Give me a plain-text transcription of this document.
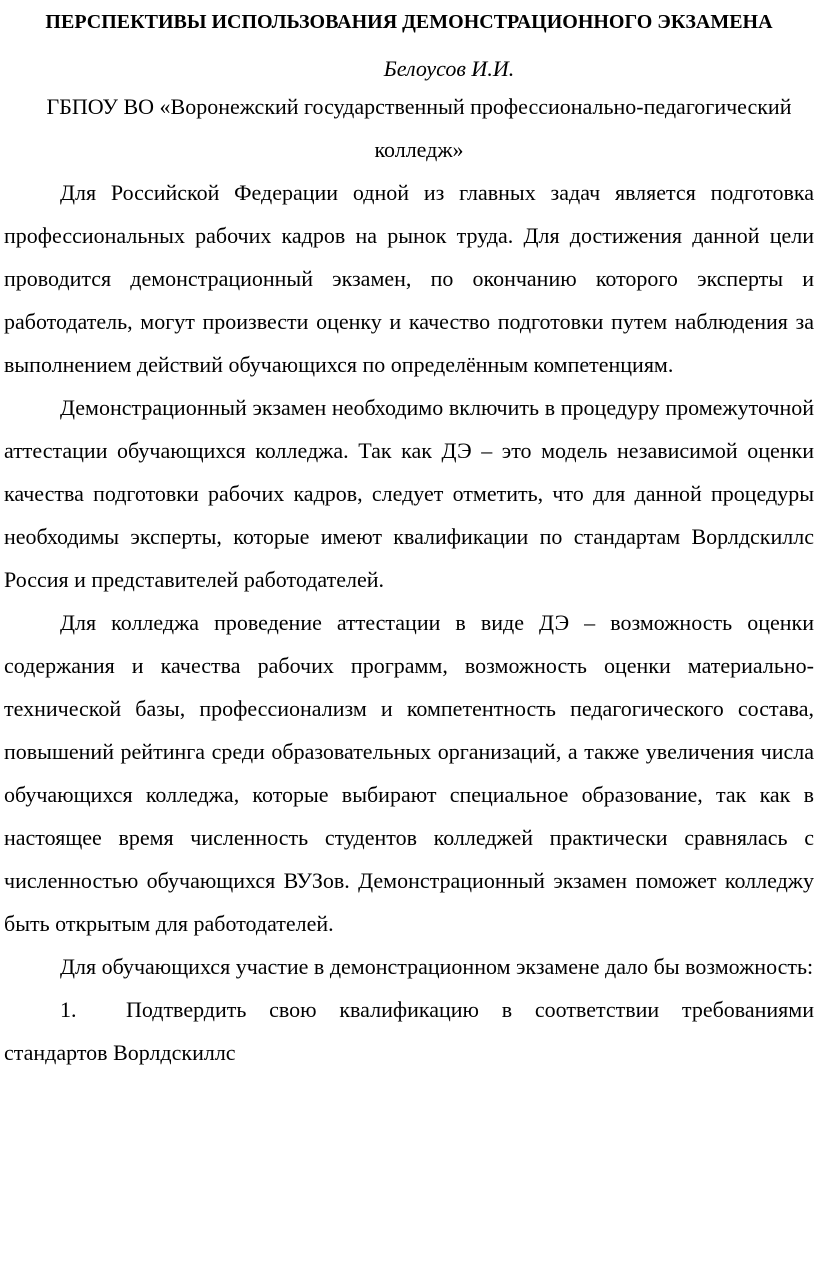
ПЕРСПЕКТИВЫ ИСПОЛЬЗОВАНИЯ ДЕМОНСТРАЦИОННОГО ЭКЗАМЕНА

Белоусов И.И.

ГБПОУ ВО «Воронежский государственный профессионально-педагогический колледж»

Для Российской Федерации одной из главных задач является подготовка профессиональных рабочих кадров на рынок труда. Для достижения данной цели проводится демонстрационный экзамен, по окончанию которого эксперты и работодатель, могут произвести оценку и качество подготовки путем наблюдения за выполнением действий обучающихся по определённым компетенциям.

Демонстрационный экзамен необходимо включить в процедуру промежуточной аттестации обучающихся колледжа. Так как ДЭ – это модель независимой оценки качества подготовки рабочих кадров, следует отметить, что для данной процедуры необходимы эксперты, которые имеют квалификации по стандартам Ворлдскиллс Россия и представителей работодателей.

Для колледжа проведение аттестации в виде ДЭ – возможность оценки содержания и качества рабочих программ, возможность оценки материально-технической базы, профессионализм и компетентность педагогического состава, повышений рейтинга среди образовательных организаций, а также увеличения числа обучающихся колледжа, которые выбирают специальное образование, так как в настоящее время численность студентов колледжей практически сравнялась с численностью обучающихся ВУЗов. Демонстрационный экзамен поможет колледжу быть открытым для работодателей.

Для обучающихся участие в демонстрационном экзамене дало бы возможность:

1. Подтвердить свою квалификацию в соответствии требованиями стандартов Ворлдскиллс
